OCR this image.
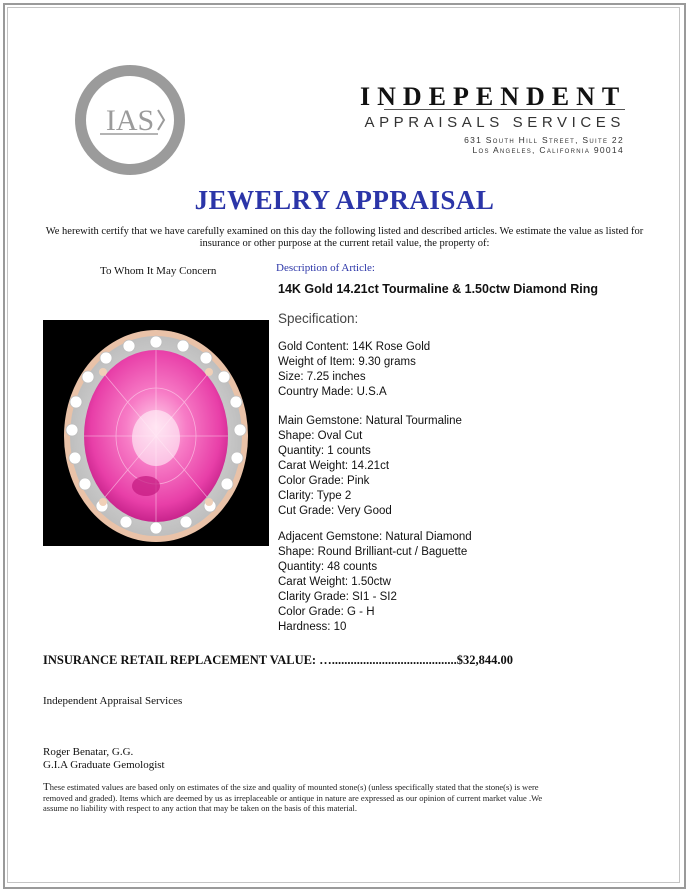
IAS
Appraisal
INDEPENDENT
APPRAISALS SERVICES
631 South Hill Street, Suite 22
Los Angeles, California 90014
JEWELRY APPRAISAL
We herewith certify that we have carefully examined on this day the following listed and described articles. We estimate the value as listed for insurance or other purpose at the current retail value, the property of:
To Whom It May Concern	Description of Article:
14K Gold 14.21ct Tourmaline & 1.50ctw Diamond Ring
Specification:
Gold Content: 14K Rose Gold
Weight of Item: 9.30 grams
Size: 7.25 inches
Country Made: U.S.A
Main Gemstone: Natural Tourmaline
Shape: Oval Cut
Quantity: 1 counts
Carat Weight: 14.21ct
Color Grade: Pink
Clarity: Type 2
Cut Grade: Very Good
Adjacent Gemstone: Natural Diamond
Shape: Round Brilliant-cut / Baguette
Quantity: 48 counts
Carat Weight: 1.50ctw
Clarity Grade: SI1 - SI2
Color Grade: G - H
Hardness: 10
INSURANCE RETAIL REPLACEMENT VALUE: …........................................$32,844.00
Independent Appraisal Services
Roger Benatar, G.G.
G.I.A Graduate Gemologist
These estimated values are based only on estimates of the size and quality of mounted stone(s) (unless specifically stated that the stone(s) is were removed and graded). Items which are deemed by us as irreplaceable or antique in nature are expressed as our opinion of current market value .We assume no liability with respect to any action that may be taken on the basis of this material.
